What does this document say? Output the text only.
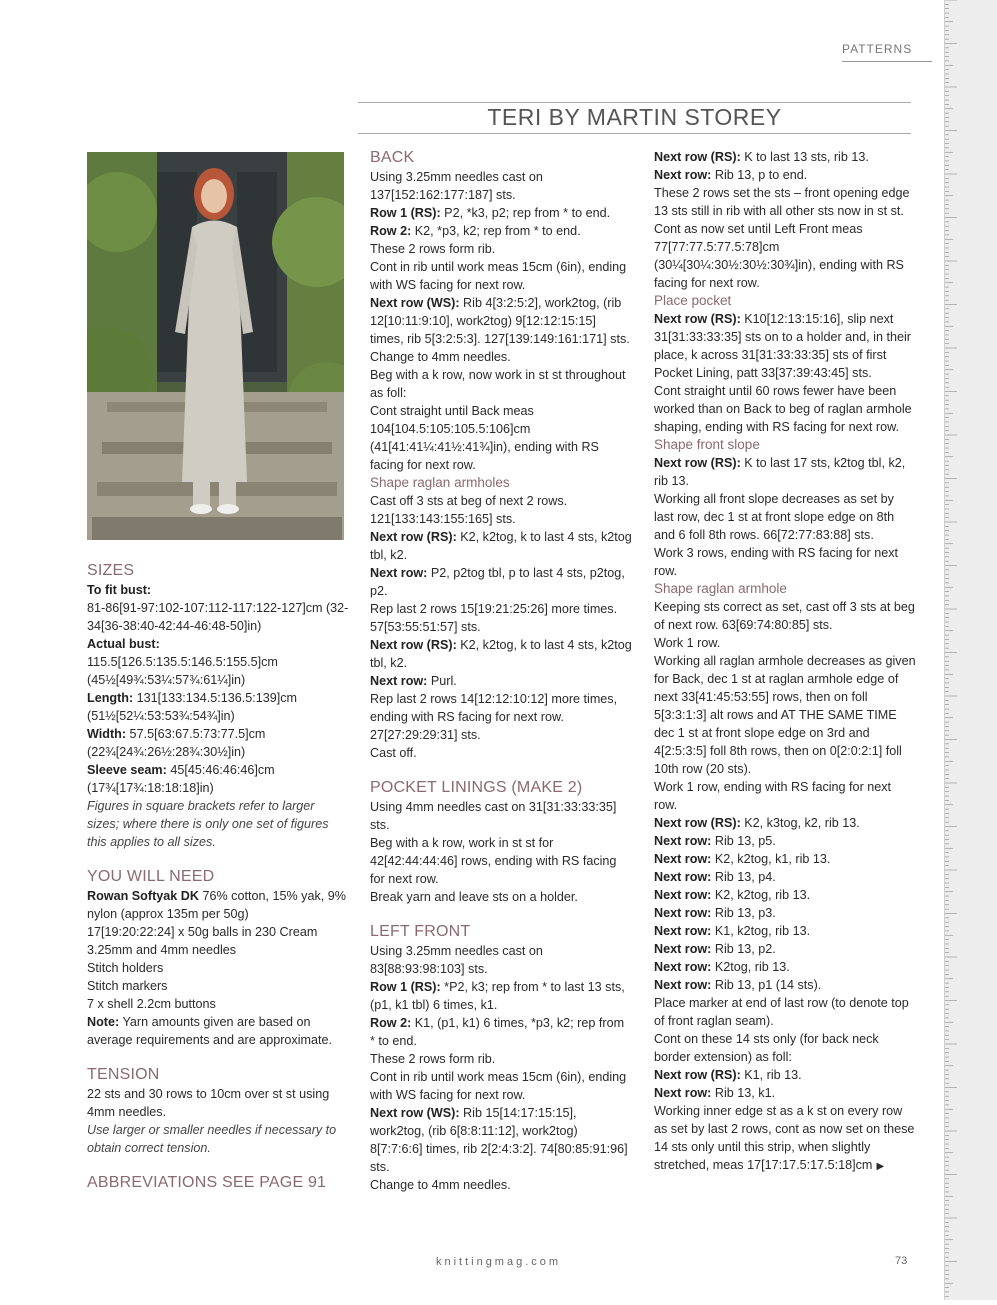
PATTERNS
TERI BY MARTIN STOREY

SIZES

To fit bust:

81-86[91-97:102-107:112-117:122-127]cm (32-34[36-38:40-42:44-46:48-50]in)

Actual bust:

115.5[126.5:135.5:146.5:155.5]cm (45½[49¾:53¼:57¾:61¼]in)

Length: 131[133:134.5:136.5:139]cm (51½[52¼:53:53¾:54¾]in)

Width: 57.5[63:67.5:73:77.5]cm (22¾[24¾:26½:28¾:30½]in)

Sleeve seam: 45[45:46:46:46]cm (17¾[17¾:18:18:18]in)

Figures in square brackets refer to larger sizes; where there is only one set of figures this applies to all sizes.

YOU WILL NEED

Rowan Softyak DK 76% cotton, 15% yak, 9% nylon (approx 135m per 50g)

17[19:20:22:24] x 50g balls in 230 Cream

3.25mm and 4mm needles

Stitch holders

Stitch markers

7 x shell 2.2cm buttons

Note: Yarn amounts given are based on average requirements and are approximate.

TENSION

22 sts and 30 rows to 10cm over st st using 4mm needles.

Use larger or smaller needles if necessary to obtain correct tension.

ABBREVIATIONS SEE PAGE 91

BACK

Using 3.25mm needles cast on 137[152:162:177:187] sts.

Row 1 (RS): P2, *k3, p2; rep from * to end.

Row 2: K2, *p3, k2; rep from * to end.

These 2 rows form rib.

Cont in rib until work meas 15cm (6in), ending with WS facing for next row.

Next row (WS): Rib 4[3:2:5:2], work2tog, (rib 12[10:11:9:10], work2tog) 9[12:12:15:15] times, rib 5[3:2:5:3]. 127[139:149:161:171] sts.

Change to 4mm needles.

Beg with a k row, now work in st st throughout as foll:

Cont straight until Back meas 104[104.5:105:105.5:106]cm (41[41:41¼:41½:41¾]in), ending with RS facing for next row.

Shape raglan armholes

Cast off 3 sts at beg of next 2 rows. 121[133:143:155:165] sts.

Next row (RS): K2, k2tog, k to last 4 sts, k2tog tbl, k2.

Next row: P2, p2tog tbl, p to last 4 sts, p2tog, p2.

Rep last 2 rows 15[19:21:25:26] more times. 57[53:55:51:57] sts.

Next row (RS): K2, k2tog, k to last 4 sts, k2tog tbl, k2.

Next row: Purl.

Rep last 2 rows 14[12:12:10:12] more times, ending with RS facing for next row. 27[27:29:29:31] sts.

Cast off.

POCKET LININGS (MAKE 2)

Using 4mm needles cast on 31[31:33:33:35] sts.

Beg with a k row, work in st st for 42[42:44:44:46] rows, ending with RS facing for next row.

Break yarn and leave sts on a holder.

LEFT FRONT

Using 3.25mm needles cast on 83[88:93:98:103] sts.

Row 1 (RS): *P2, k3; rep from * to last 13 sts, (p1, k1 tbl) 6 times, k1.

Row 2: K1, (p1, k1) 6 times, *p3, k2; rep from * to end.

These 2 rows form rib.

Cont in rib until work meas 15cm (6in), ending with WS facing for next row.

Next row (WS): Rib 15[14:17:15:15], work2tog, (rib 6[8:8:11:12], work2tog) 8[7:7:6:6] times, rib 2[2:4:3:2]. 74[80:85:91:96] sts.

Change to 4mm needles.

Next row (RS): K to last 13 sts, rib 13.

Next row: Rib 13, p to end.

These 2 rows set the sts – front opening edge 13 sts still in rib with all other sts now in st st.

Cont as now set until Left Front meas 77[77:77.5:77.5:78]cm (30¼[30¼:30½:30½:30¾]in), ending with RS facing for next row.

Place pocket

Next row (RS): K10[12:13:15:16], slip next 31[31:33:33:35] sts on to a holder and, in their place, k across 31[31:33:33:35] sts of first Pocket Lining, patt 33[37:39:43:45] sts.

Cont straight until 60 rows fewer have been worked than on Back to beg of raglan armhole shaping, ending with RS facing for next row.

Shape front slope

Next row (RS): K to last 17 sts, k2tog tbl, k2, rib 13.

Working all front slope decreases as set by last row, dec 1 st at front slope edge on 8th and 6 foll 8th rows. 66[72:77:83:88] sts.

Work 3 rows, ending with RS facing for next row.

Shape raglan armhole

Keeping sts correct as set, cast off 3 sts at beg of next row. 63[69:74:80:85] sts.

Work 1 row.

Working all raglan armhole decreases as given for Back, dec 1 st at raglan armhole edge of next 33[41:45:53:55] rows, then on foll 5[3:3:1:3] alt rows and AT THE SAME TIME dec 1 st at front slope edge on 3rd and 4[2:5:3:5] foll 8th rows, then on 0[2:0:2:1] foll 10th row (20 sts).

Work 1 row, ending with RS facing for next row.

Next row (RS): K2, k3tog, k2, rib 13.

Next row: Rib 13, p5.

Next row: K2, k2tog, k1, rib 13.

Next row: Rib 13, p4.

Next row: K2, k2tog, rib 13.

Next row: Rib 13, p3.

Next row: K1, k2tog, rib 13.

Next row: Rib 13, p2.

Next row: K2tog, rib 13.

Next row: Rib 13, p1 (14 sts).

Place marker at end of last row (to denote top of front raglan seam).

Cont on these 14 sts only (for back neck border extension) as foll:

Next row (RS): K1, rib 13.

Next row: Rib 13, k1.

Working inner edge st as a k st on every row as set by last 2 rows, cont as now set on these 14 sts only until this strip, when slightly stretched, meas 17[17:17.5:17.5:18]cm ▶

knittingmag.com	73
